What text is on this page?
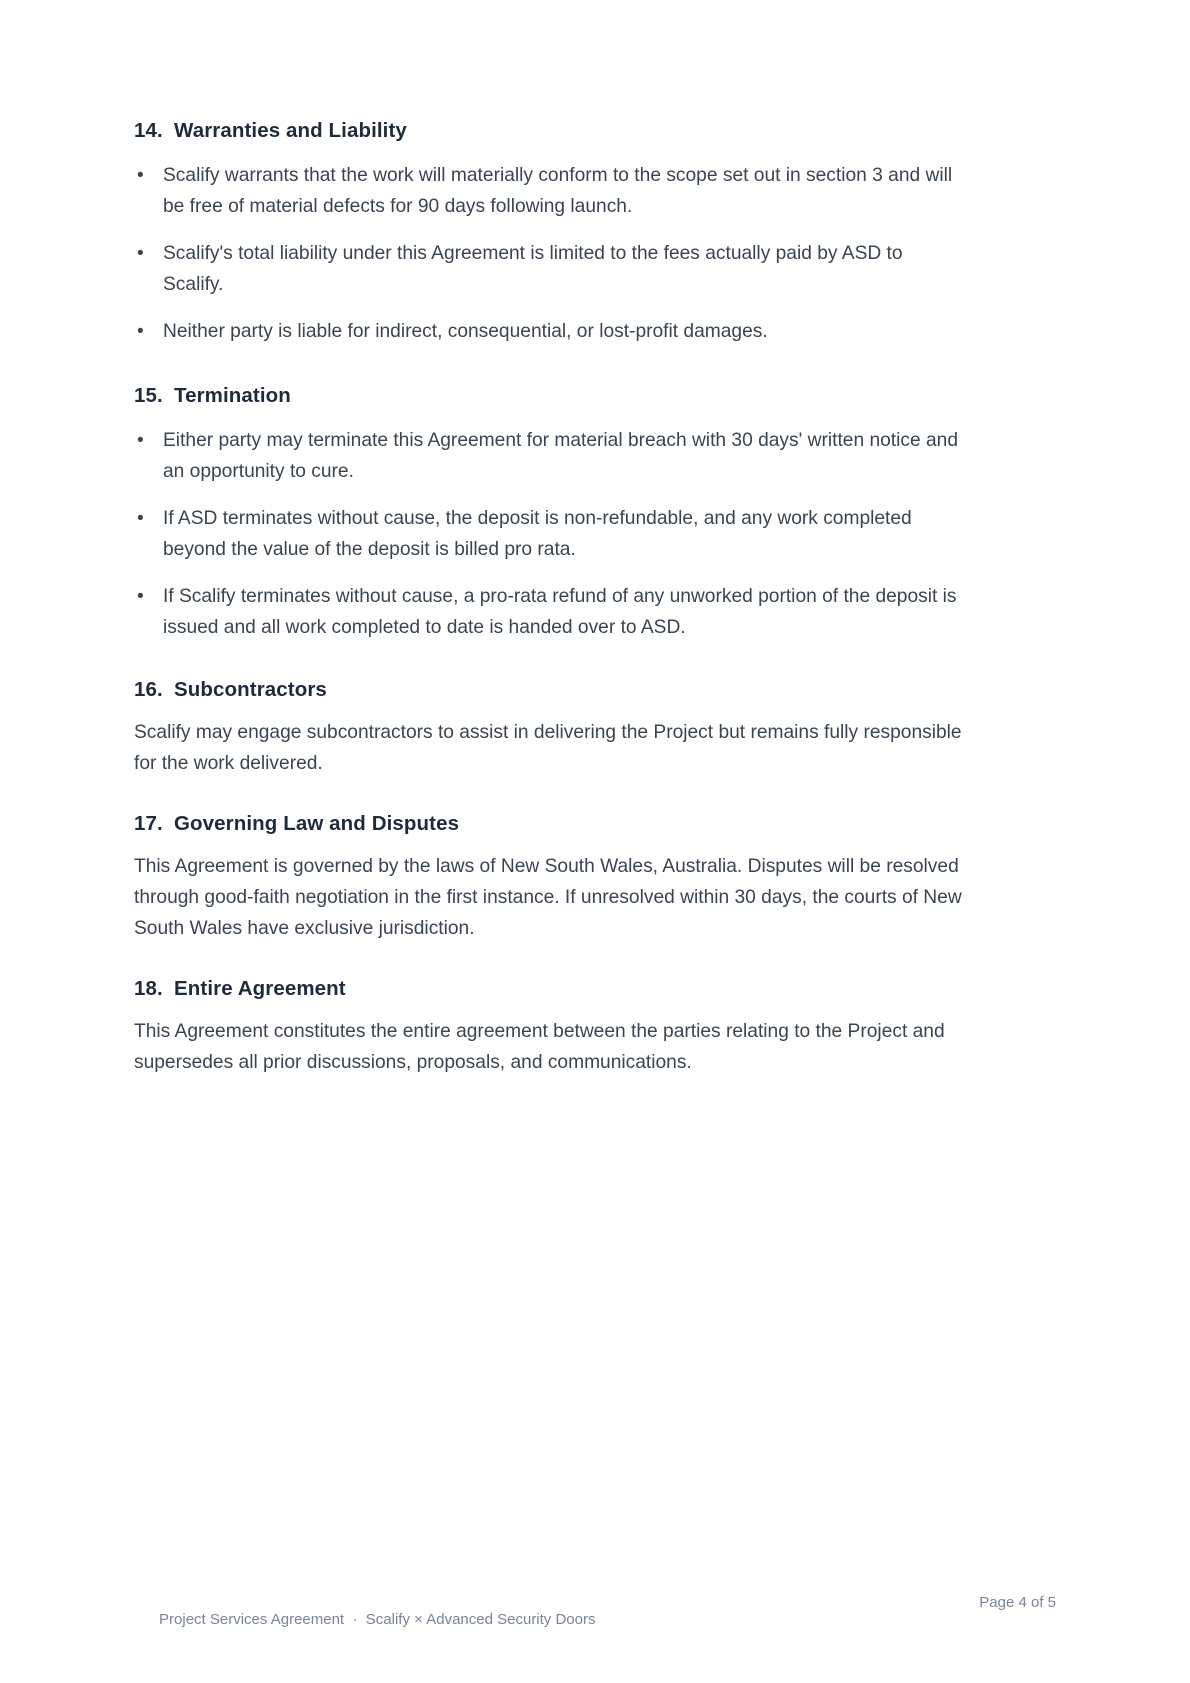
14. Warranties and Liability
• Scalify warrants that the work will materially conform to the scope set out in section 3 and will be free of material defects for 90 days following launch.
• Scalify's total liability under this Agreement is limited to the fees actually paid by ASD to Scalify.
• Neither party is liable for indirect, consequential, or lost-profit damages.
15. Termination
• Either party may terminate this Agreement for material breach with 30 days' written notice and an opportunity to cure.
• If ASD terminates without cause, the deposit is non-refundable, and any work completed beyond the value of the deposit is billed pro rata.
• If Scalify terminates without cause, a pro-rata refund of any unworked portion of the deposit is issued and all work completed to date is handed over to ASD.
16. Subcontractors

Scalify may engage subcontractors to assist in delivering the Project but remains fully responsible for the work delivered.

17. Governing Law and Disputes

This Agreement is governed by the laws of New South Wales, Australia. Disputes will be resolved through good-faith negotiation in the first instance. If unresolved within 30 days, the courts of New South Wales have exclusive jurisdiction.

18. Entire Agreement

This Agreement constitutes the entire agreement between the parties relating to the Project and supersedes all prior discussions, proposals, and communications.

Project Services Agreement · Scalify × Advanced Security Doors

Page 4 of 5
